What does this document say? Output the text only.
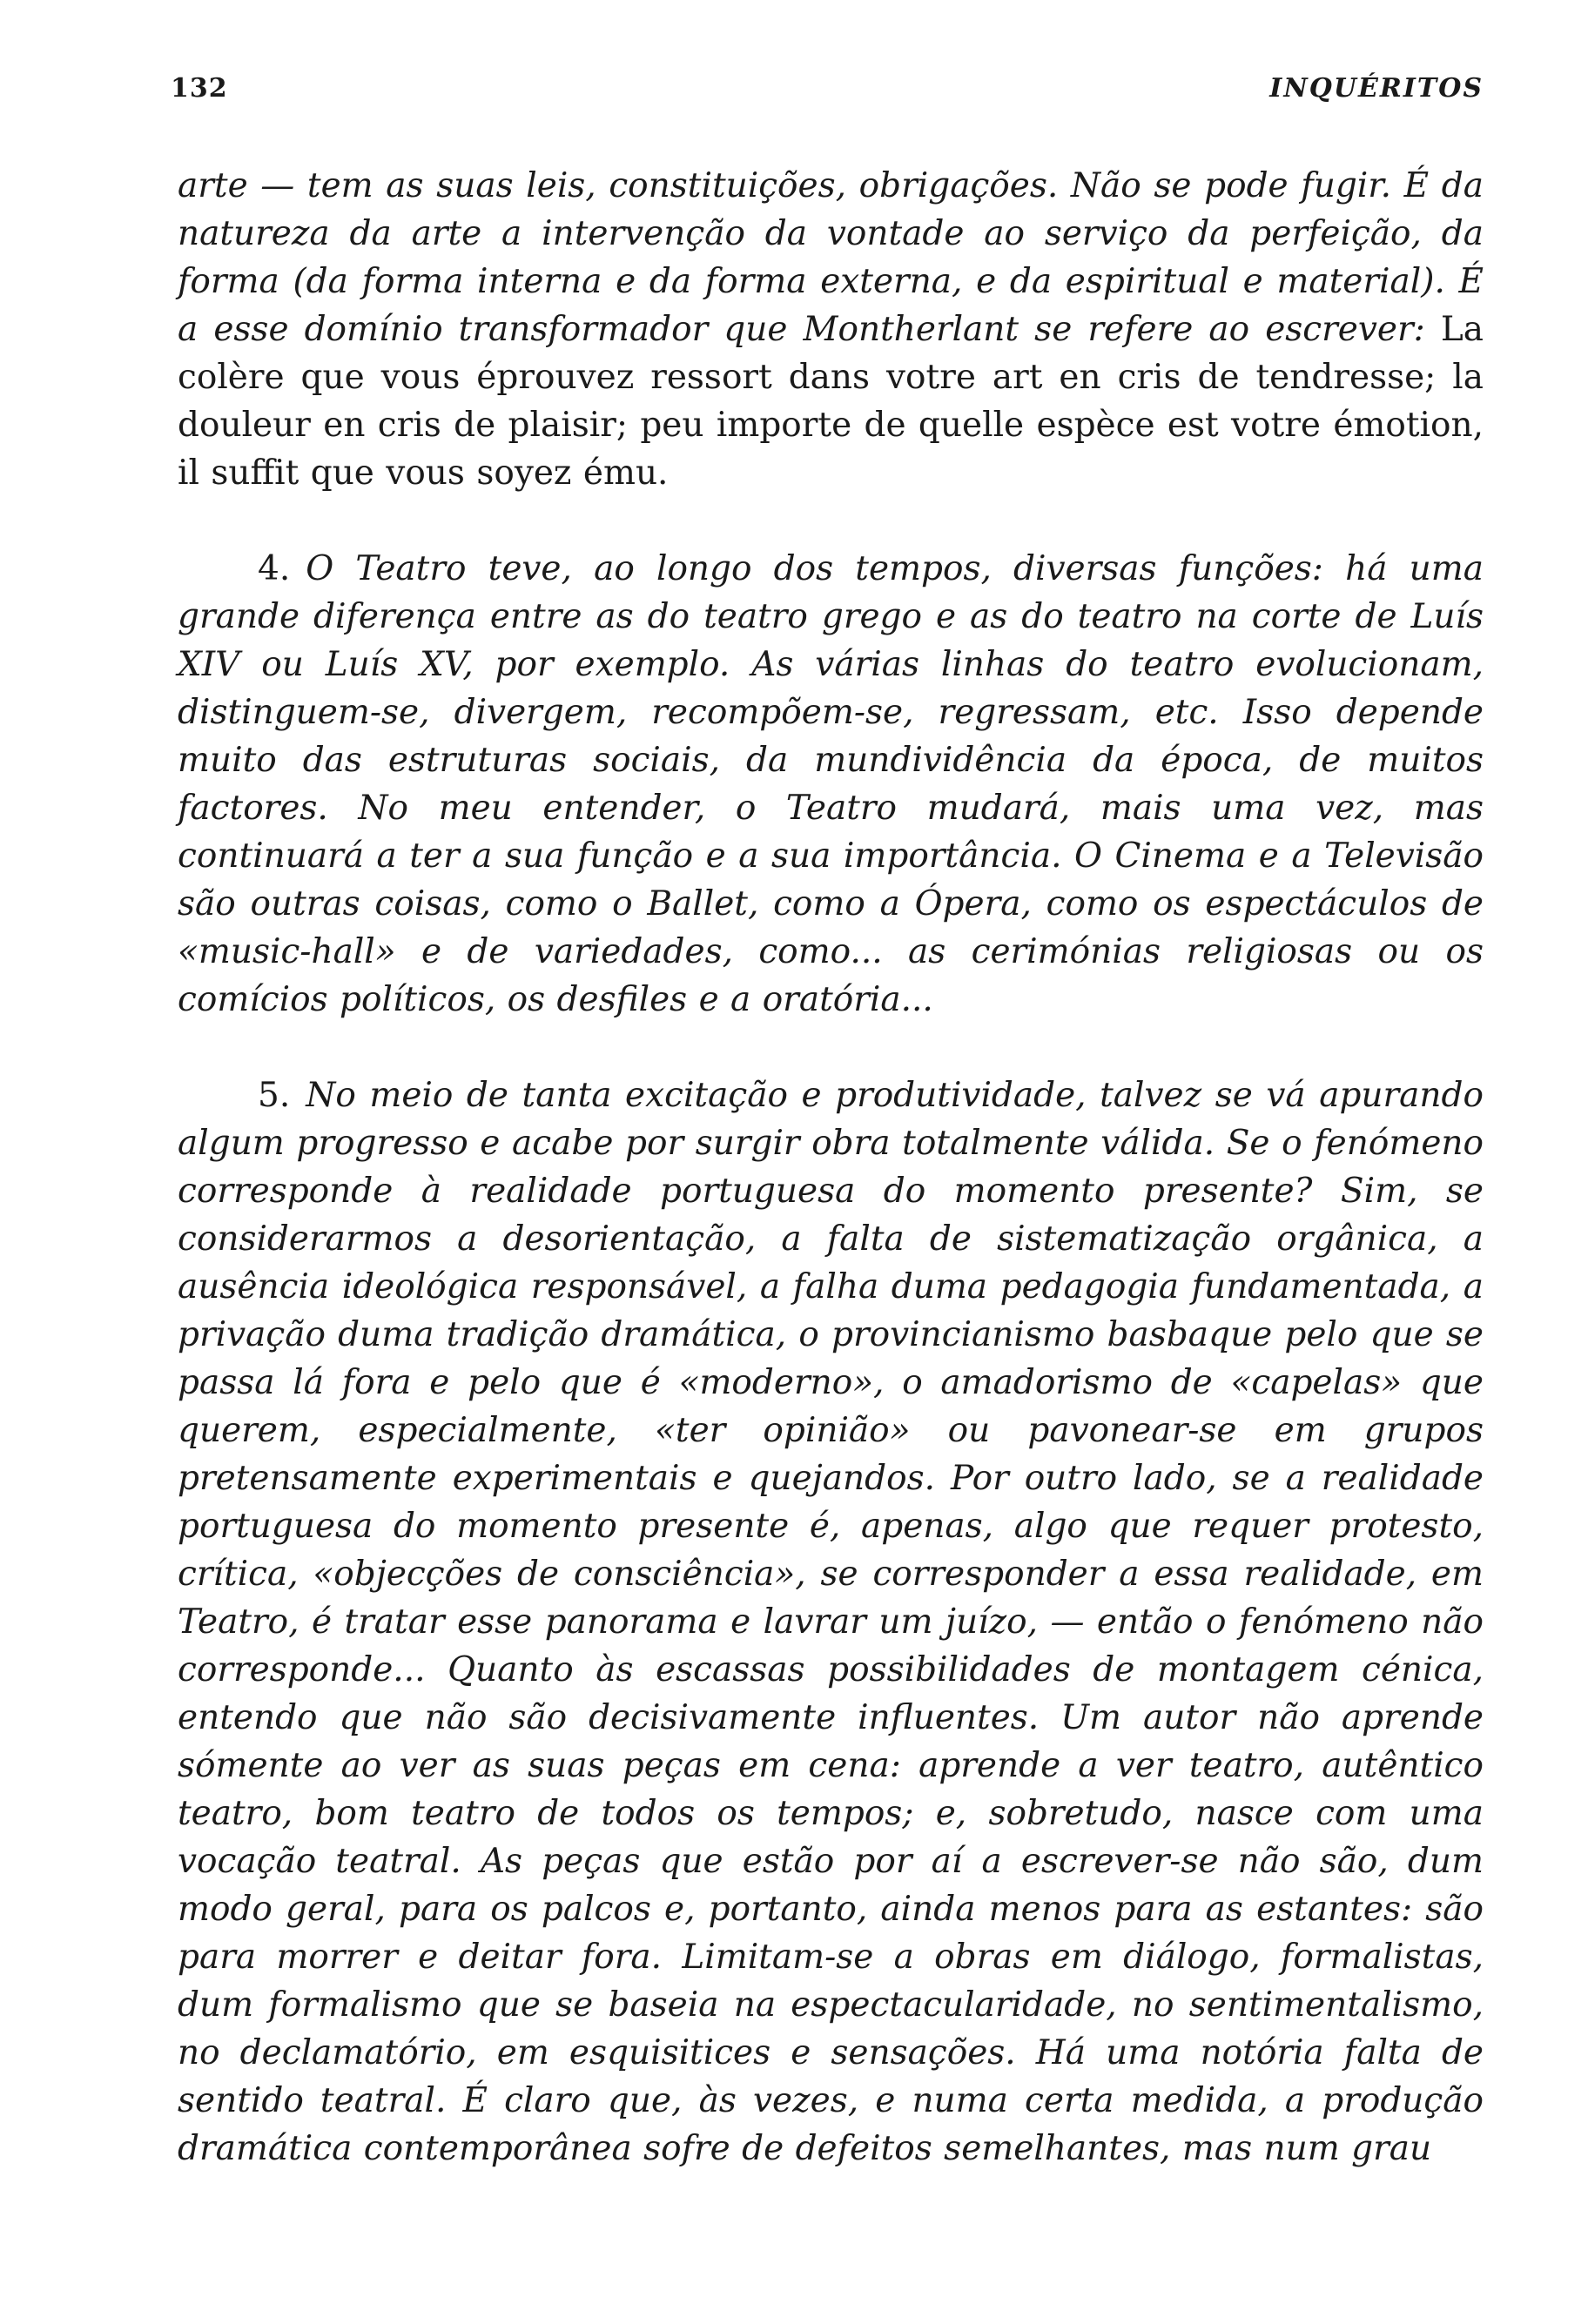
132	INQUÉRITOS

arte — tem as suas leis, constituições, obrigações. Não se pode fugir. É da natureza da arte a intervenção da vontade ao serviço da perfeição, da forma (da forma interna e da forma externa, e da espiritual e material). É a esse domínio transformador que Montherlant se refere ao escrever: La colère que vous éprouvez ressort dans votre art en cris de tendresse; la douleur en cris de plaisir; peu importe de quelle espèce est votre émotion, il suffit que vous soyez ému.

4. O Teatro teve, ao longo dos tempos, diversas funções: há uma grande diferença entre as do teatro grego e as do teatro na corte de Luís XIV ou Luís XV, por exemplo. As várias linhas do teatro evolucionam, distinguem-se, divergem, recompõem-se, regressam, etc. Isso depende muito das estruturas sociais, da mundividência da época, de muitos factores. No meu entender, o Teatro mudará, mais uma vez, mas continuará a ter a sua função e a sua importância. O Cinema e a Televisão são outras coisas, como o Ballet, como a Ópera, como os espectáculos de «music-hall» e de variedades, como... as cerimónias religiosas ou os comícios políticos, os desfiles e a oratória...

5. No meio de tanta excitação e produtividade, talvez se vá apurando algum progresso e acabe por surgir obra totalmente válida. Se o fenómeno corresponde à realidade portuguesa do momento presente? Sim, se considerarmos a desorientação, a falta de sistematização orgânica, a ausência ideológica responsável, a falha duma pedagogia fundamentada, a privação duma tradição dramática, o provincianismo basbaque pelo que se passa lá fora e pelo que é «moderno», o amadorismo de «capelas» que querem, especialmente, «ter opinião» ou pavonear-se em grupos pretensamente experimentais e quejandos. Por outro lado, se a realidade portuguesa do momento presente é, apenas, algo que requer protesto, crítica, «objecções de consciência», se corresponder a essa realidade, em Teatro, é tratar esse panorama e lavrar um juízo, — então o fenómeno não corresponde... Quanto às escassas possibilidades de montagem cénica, entendo que não são decisivamente influentes. Um autor não aprende sómente ao ver as suas peças em cena: aprende a ver teatro, autêntico teatro, bom teatro de todos os tempos; e, sobretudo, nasce com uma vocação teatral. As peças que estão por aí a escrever-se não são, dum modo geral, para os palcos e, portanto, ainda menos para as estantes: são para morrer e deitar fora. Limitam-se a obras em diálogo, formalistas, dum formalismo que se baseia na espectacularidade, no sentimentalismo, no declamatório, em esquisitices e sensações. Há uma notória falta de sentido teatral. É claro que, às vezes, e numa certa medida, a produção dramática contemporânea sofre de defeitos semelhantes, mas num grau
